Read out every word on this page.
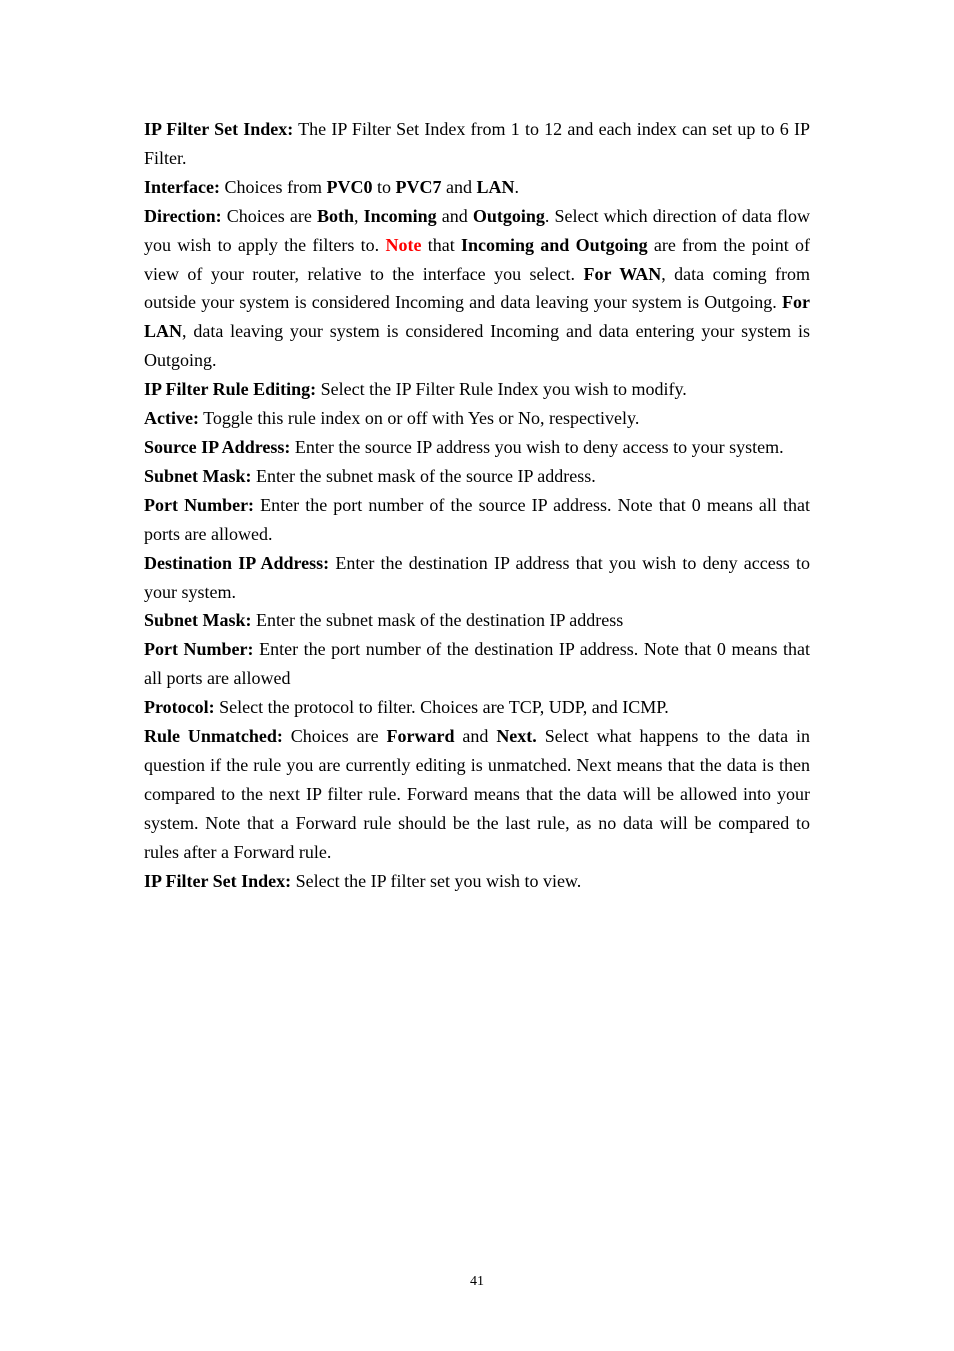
IP Filter Set Index: The IP Filter Set Index from 1 to 12 and each index can set up to 6 IP Filter.

Interface: Choices from PVC0 to PVC7 and LAN.

Direction: Choices are Both, Incoming and Outgoing. Select which direction of data flow you wish to apply the filters to. Note that Incoming and Outgoing are from the point of view of your router, relative to the interface you select. For WAN, data coming from outside your system is considered Incoming and data leaving your system is Outgoing. For LAN, data leaving your system is considered Incoming and data entering your system is Outgoing.

IP Filter Rule Editing: Select the IP Filter Rule Index you wish to modify.

Active: Toggle this rule index on or off with Yes or No, respectively.

Source IP Address: Enter the source IP address you wish to deny access to your system.

Subnet Mask: Enter the subnet mask of the source IP address.

Port Number: Enter the port number of the source IP address. Note that 0 means all that ports are allowed.

Destination IP Address: Enter the destination IP address that you wish to deny access to your system.

Subnet Mask: Enter the subnet mask of the destination IP address

Port Number: Enter the port number of the destination IP address. Note that 0 means that all ports are allowed

Protocol: Select the protocol to filter. Choices are TCP, UDP, and ICMP.

Rule Unmatched: Choices are Forward and Next. Select what happens to the data in question if the rule you are currently editing is unmatched. Next means that the data is then compared to the next IP filter rule. Forward means that the data will be allowed into your system. Note that a Forward rule should be the last rule, as no data will be compared to rules after a Forward rule.

IP Filter Set Index: Select the IP filter set you wish to view.

41
